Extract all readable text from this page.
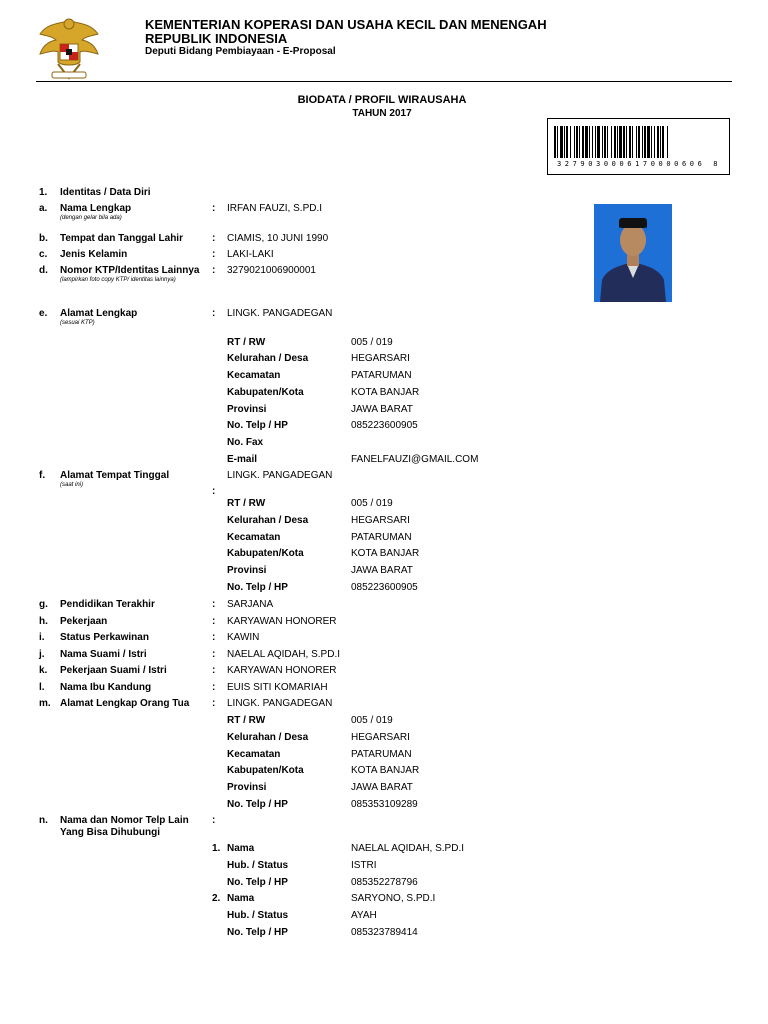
KEMENTERIAN KOPERASI DAN USAHA KECIL DAN MENENGAH
REPUBLIK INDONESIA
Deputi Bidang Pembiayaan - E-Proposal
BIODATA / PROFIL WIRAUSAHA
TAHUN 2017
3279030006170000606 8
1. Identitas / Data Diri
a. Nama Lengkap
(dengan gelar bila ada)
: IRFAN FAUZI, S.PD.I
b. Tempat dan Tanggal Lahir	: CIAMIS, 10 JUNI 1990
c. Jenis Kelamin	: LAKI-LAKI
d. Nomor KTP/Identitas Lainnya
(lampirkan foto copy KTP/ identitas lainnya)
: 3279021006900001
e. Alamat Lengkap
(sesuai KTP)
: LINGK. PANGADEGAN
RT / RW	005 / 019
Kelurahan / Desa	HEGARSARI
Kecamatan	PATARUMAN
Kabupaten/Kota	KOTA BANJAR
Provinsi	JAWA BARAT
No. Telp / HP	085223600905
No. Fax
E-mail	FANELFAUZI@GMAIL.COM
f. Alamat Tempat Tinggal
(saat ini)
:
LINGK. PANGADEGAN
RT / RW	005 / 019
Kelurahan / Desa	HEGARSARI
Kecamatan	PATARUMAN
Kabupaten/Kota	KOTA BANJAR
Provinsi	JAWA BARAT
No. Telp / HP	085223600905
g. Pendidikan Terakhir	: SARJANA
h. Pekerjaan	: KARYAWAN HONORER
i. Status Perkawinan	: KAWIN
j. Nama Suami / Istri	: NAELAL AQIDAH, S.PD.I
k. Pekerjaan Suami / Istri	: KARYAWAN HONORER
l. Nama Ibu Kandung	: EUIS SITI KOMARIAH
m. Alamat Lengkap Orang Tua : LINGK. PANGADEGAN
RT / RW	005 / 019
Kelurahan / Desa	HEGARSARI
Kecamatan	PATARUMAN
Kabupaten/Kota	KOTA BANJAR
Provinsi	JAWA BARAT
No. Telp / HP	085353109289
n. Nama dan Nomor Telp Lain
Yang Bisa Dihubungi
:
1. Nama	NAELAL AQIDAH, S.PD.I
Hub. / Status	ISTRI
No. Telp / HP	085352278796
2. Nama	SARYONO, S.PD.I
Hub. / Status	AYAH
No. Telp / HP	085323789414
